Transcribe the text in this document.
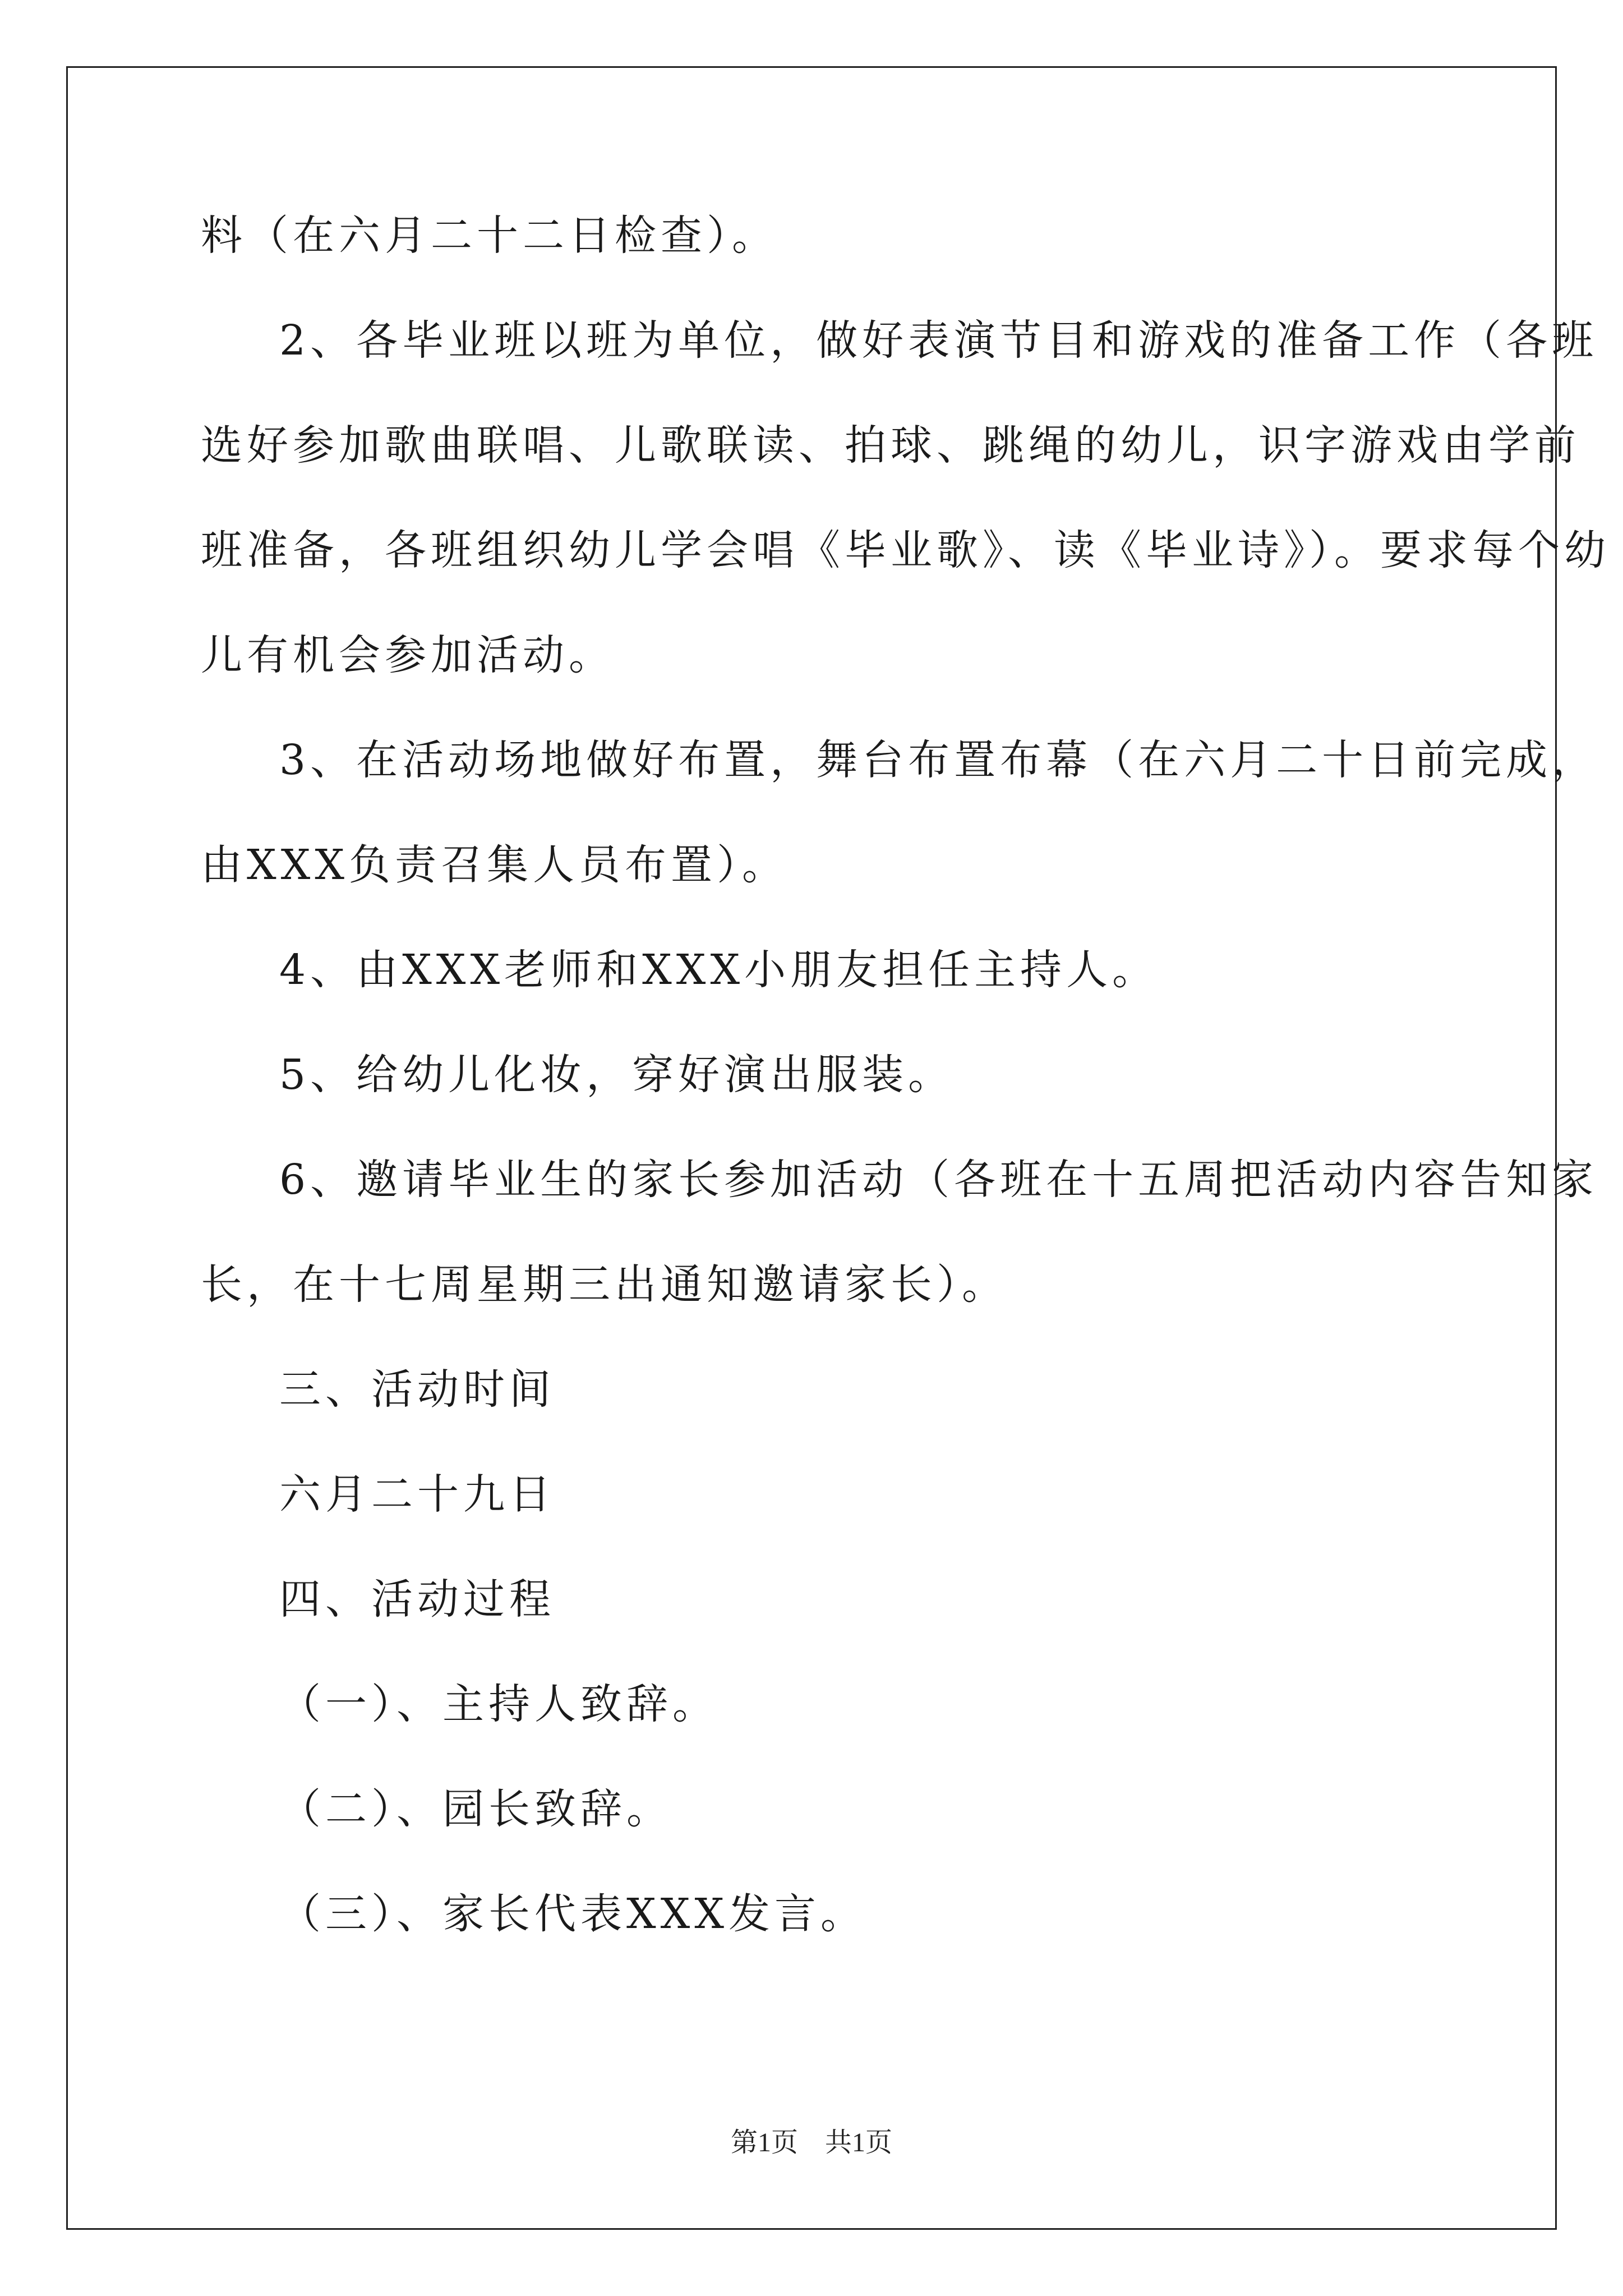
料（在六月二十二日检查）。
2、各毕业班以班为单位，做好表演节目和游戏的准备工作（各班
选好参加歌曲联唱、儿歌联读、拍球、跳绳的幼儿，识字游戏由学前
班准备，各班组织幼儿学会唱《毕业歌》、读《毕业诗》）。要求每个幼
儿有机会参加活动。
3、在活动场地做好布置，舞台布置布幕（在六月二十日前完成，
由XXX负责召集人员布置）。
4、由XXX老师和XXX小朋友担任主持人。
5、给幼儿化妆，穿好演出服装。
6、邀请毕业生的家长参加活动（各班在十五周把活动内容告知家
长，在十七周星期三出通知邀请家长）。
三、活动时间
六月二十九日
四、活动过程
（一）、主持人致辞。
（二）、园长致辞。
（三）、家长代表XXX发言。
第1页 共1页
